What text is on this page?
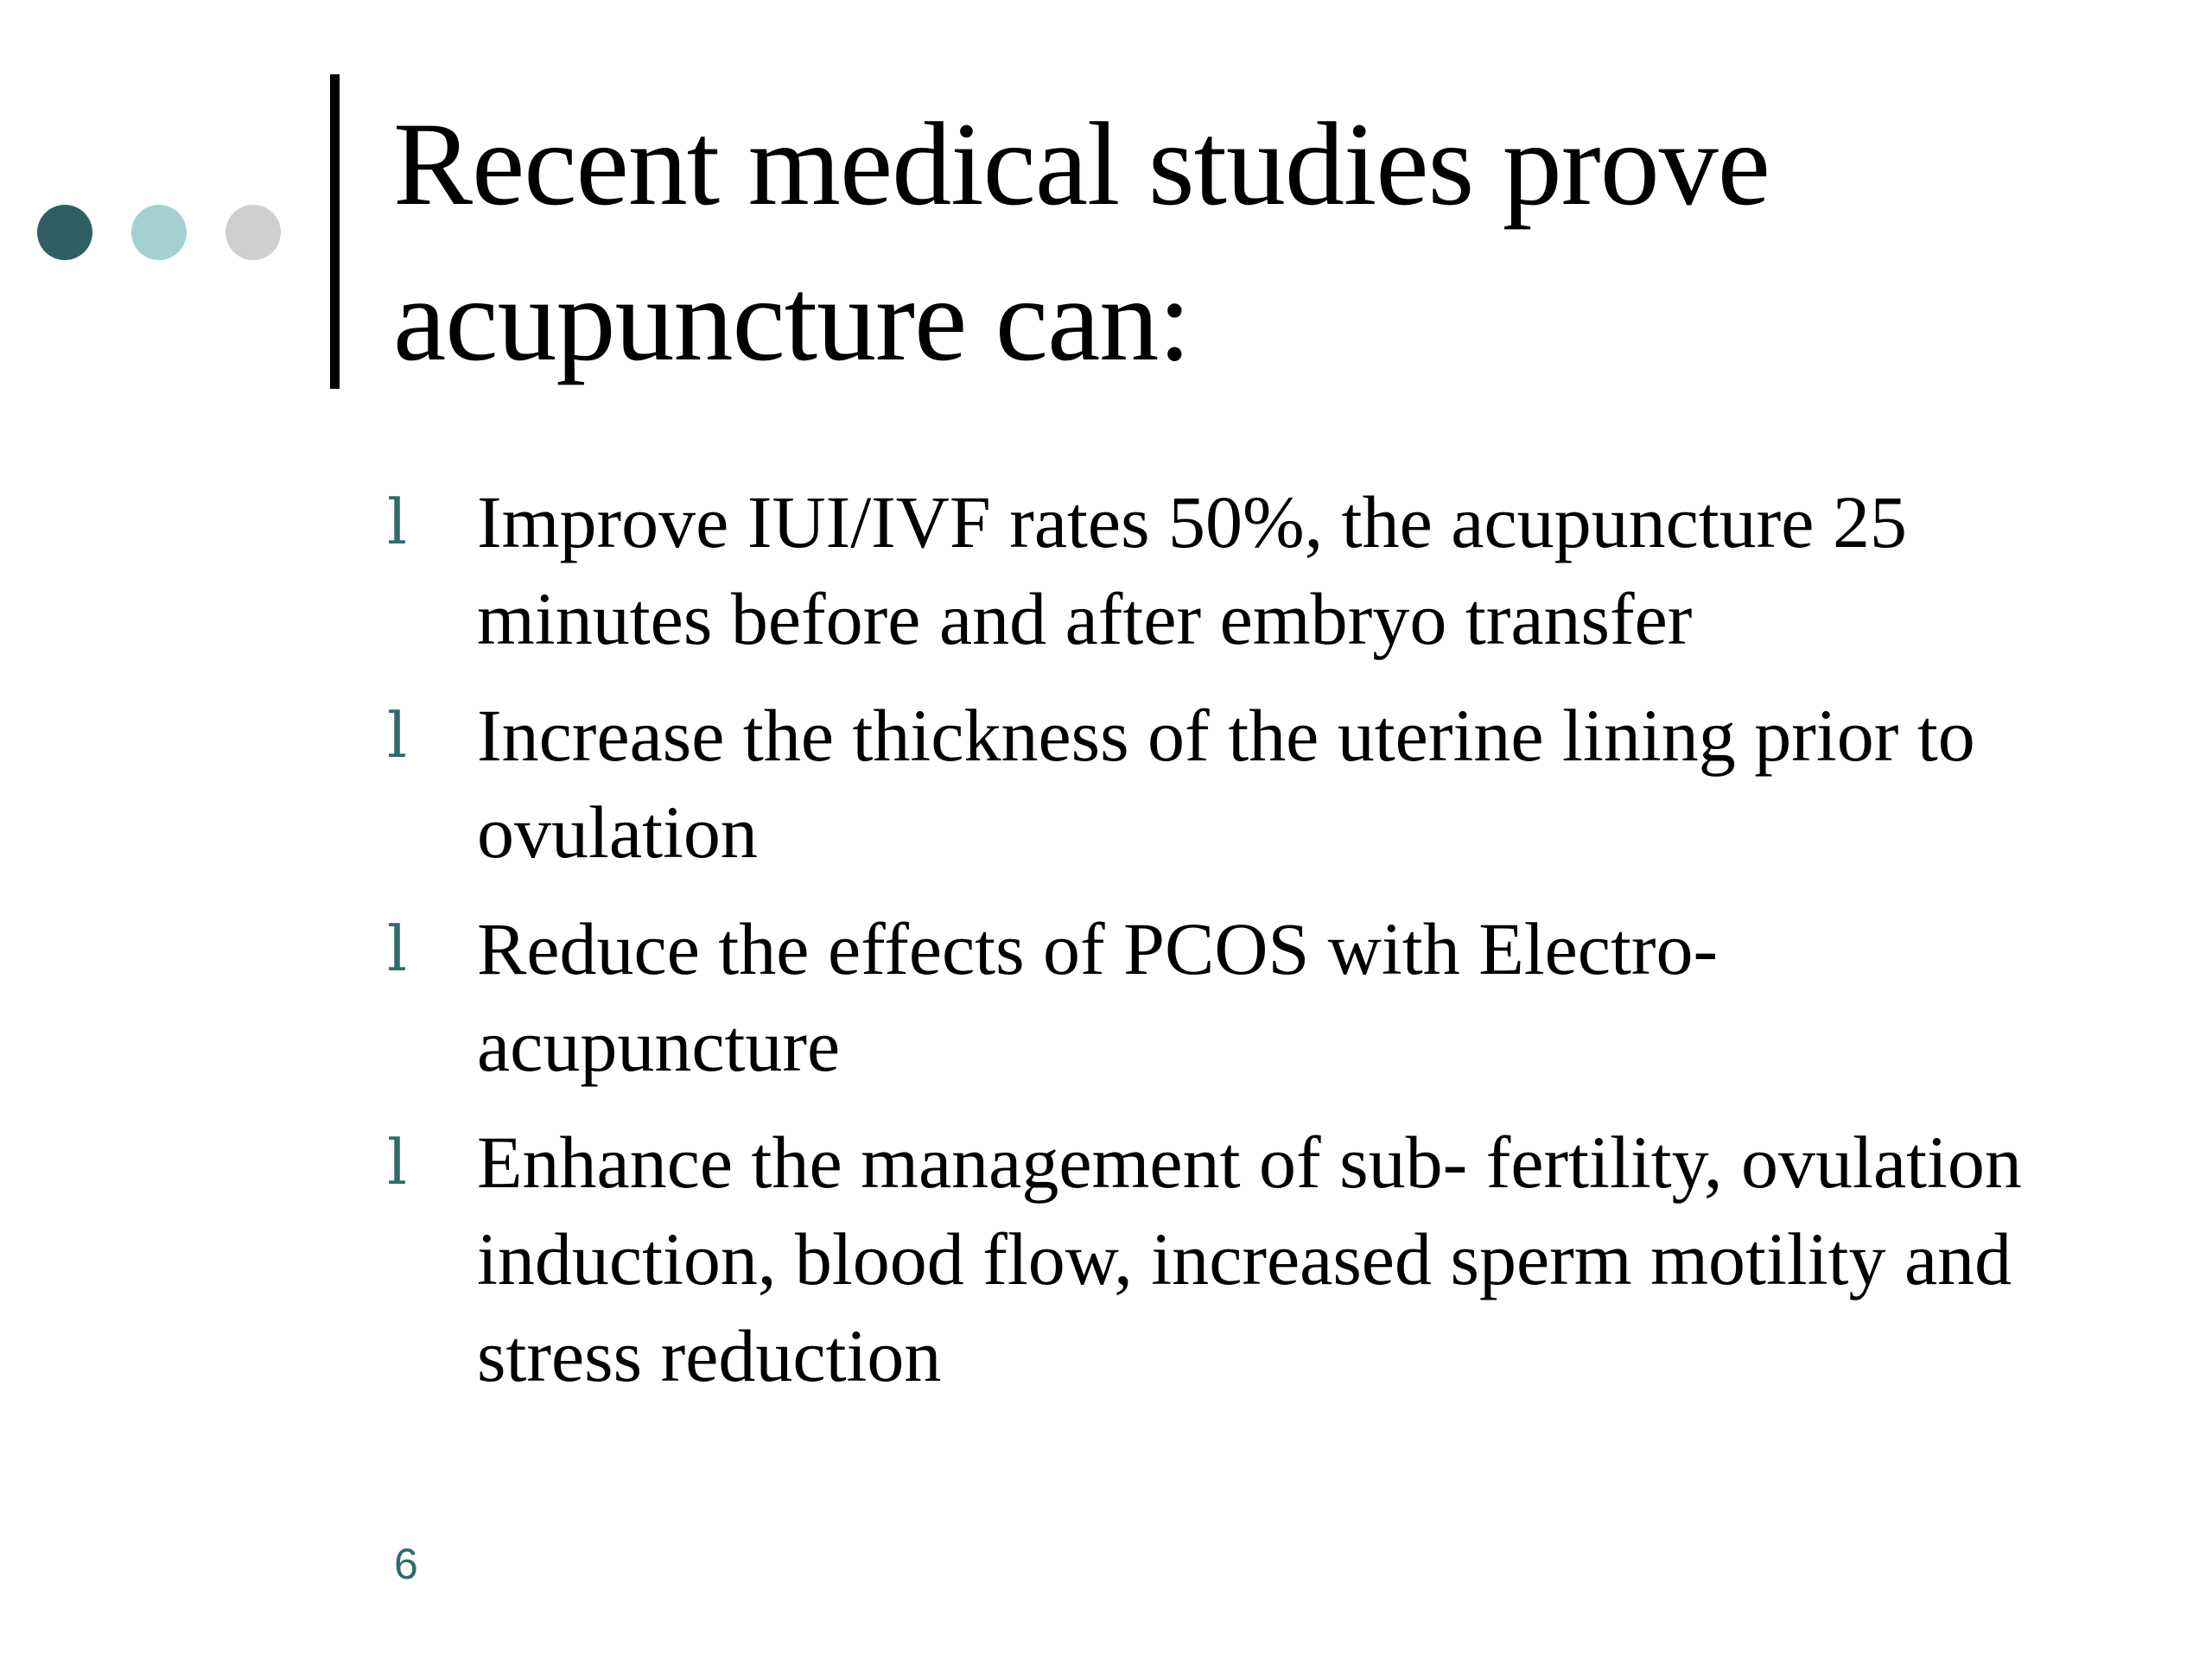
Recent medical studies prove acupuncture can:
l Improve IUI/IVF rates 50%, the acupuncture 25 minutes before and after embryo transfer
l Increase the thickness of the uterine lining prior to ovulation
l Reduce the effects of PCOS with Electro-acupuncture
l Enhance the management of sub- fertility, ovulation induction, blood flow, increased sperm motility and stress reduction
6
